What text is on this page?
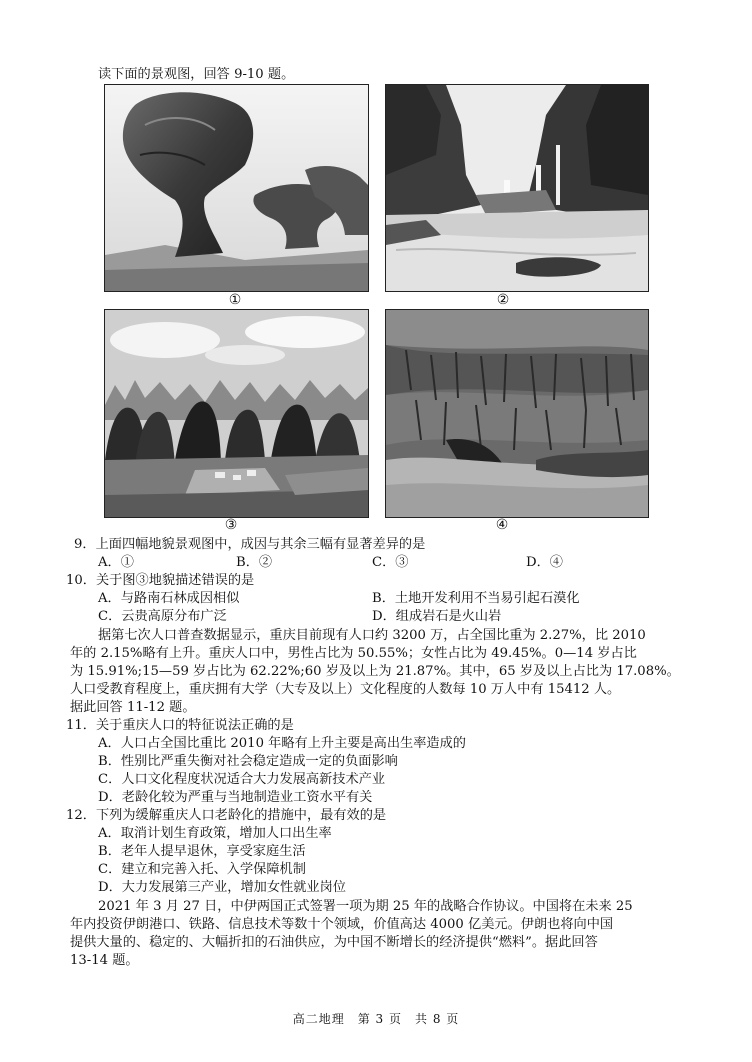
读下面的景观图，回答 9-10 题。
①	②
③	④
9．上面四幅地貌景观图中，成因与其余三幅有显著差异的是
A．①	B．②	C．③	D．④
10．关于图③地貌描述错误的是
A．与路南石林成因相似	B．土地开发利用不当易引起石漠化
C．云贵高原分布广泛	D．组成岩石是火山岩
据第七次人口普查数据显示，重庆目前现有人口约 3200 万，占全国比重为 2.27%，比 2010
年的 2.15%略有上升。重庆人口中，男性占比为 50.55%；女性占比为 49.45%。0—14 岁占比
为 15.91%;15—59 岁占比为 62.22%;60 岁及以上为 21.87%。其中，65 岁及以上占比为 17.08%。
人口受教育程度上，重庆拥有大学（大专及以上）文化程度的人数每 10 万人中有 15412 人。
据此回答 11-12 题。
11．关于重庆人口的特征说法正确的是
A．人口占全国比重比 2010 年略有上升主要是高出生率造成的
B．性别比严重失衡对社会稳定造成一定的负面影响
C．人口文化程度状况适合大力发展高新技术产业
D．老龄化较为严重与当地制造业工资水平有关
12．下列为缓解重庆人口老龄化的措施中，最有效的是
A．取消计划生育政策，增加人口出生率
B．老年人提早退休，享受家庭生活
C．建立和完善入托、入学保障机制
D．大力发展第三产业，增加女性就业岗位
2021 年 3 月 27 日，中伊两国正式签署一项为期 25 年的战略合作协议。中国将在未来 25
年内投资伊朗港口、铁路、信息技术等数十个领域，价值高达 4000 亿美元。伊朗也将向中国
提供大量的、稳定的、大幅折扣的石油供应，为中国不断增长的经济提供“燃料”。据此回答
13-14 题。
高二地理　第 3 页　共 8 页
